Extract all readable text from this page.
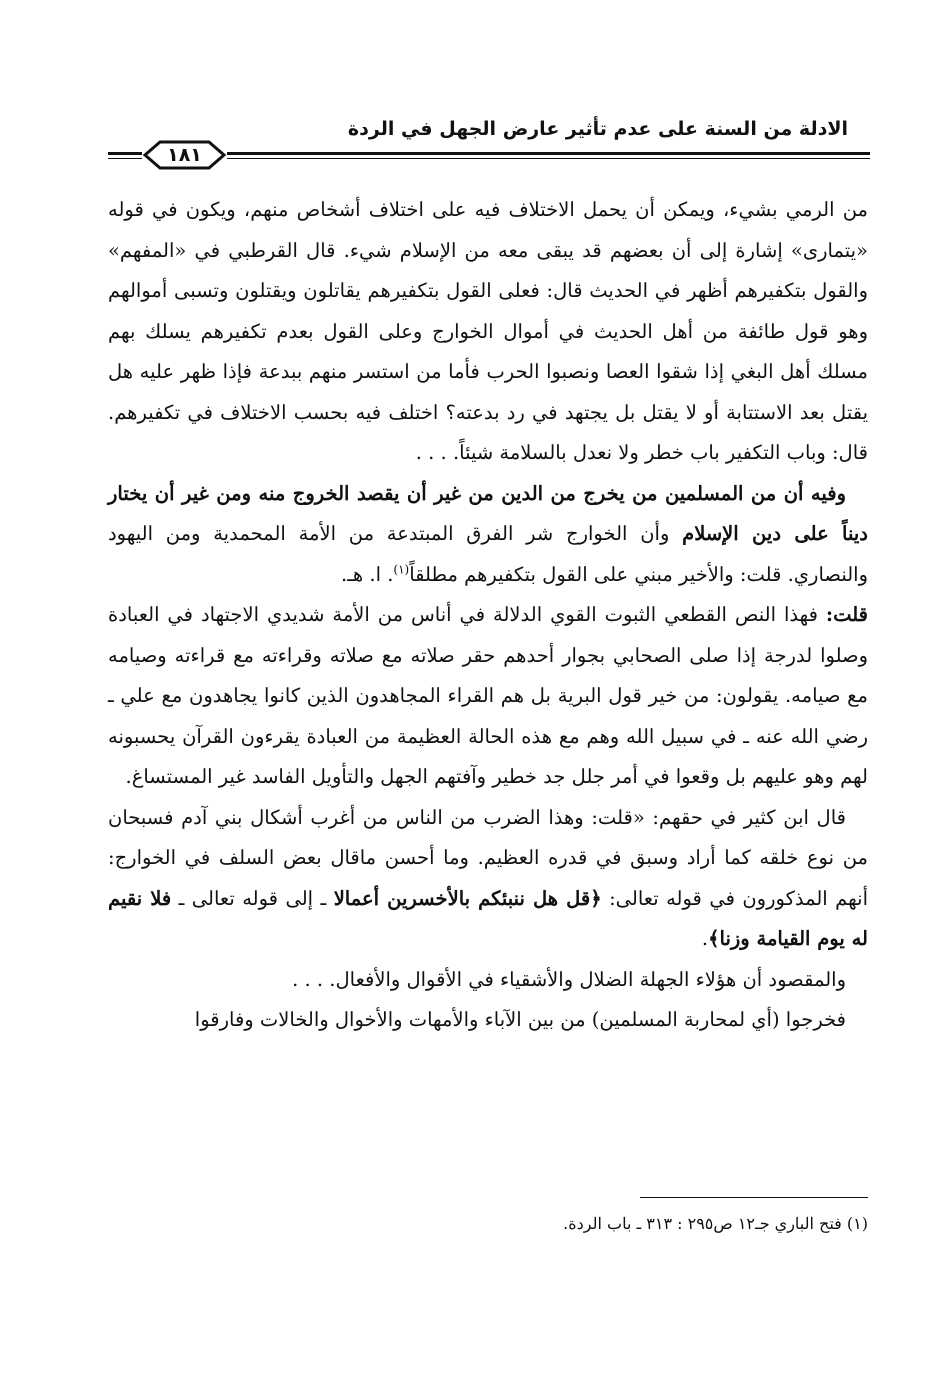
الادلة من السنة على عدم تأثير عارض الجهل في الردة
١٨١

من الرمي بشيء، ويمكن أن يحمل الاختلاف فيه على اختلاف أشخاص منهم، ويكون في قوله «يتمارى» إشارة إلى أن بعضهم قد يبقى معه من الإسلام شيء. قال القرطبي في «المفهم» والقول بتكفيرهم أظهر في الحديث قال: فعلى القول بتكفيرهم يقاتلون ويقتلون وتسبى أموالهم وهو قول طائفة من أهل الحديث في أموال الخوارج وعلى القول بعدم تكفيرهم يسلك بهم مسلك أهل البغي إذا شقوا العصا ونصبوا الحرب فأما من استسر منهم ببدعة فإذا ظهر عليه هل يقتل بعد الاستتابة أو لا يقتل بل يجتهد في رد بدعته؟ اختلف فيه بحسب الاختلاف في تكفيرهم. قال: وباب التكفير باب خطر ولا نعدل بالسلامة شيئاً. . . .

وفيه أن من المسلمين من يخرج من الدين من غير أن يقصد الخروج منه ومن غير أن يختار ديناً على دين الإسلام وأن الخوارج شر الفرق المبتدعة من الأمة المحمدية ومن اليهود والنصاري. قلت: والأخير مبني على القول بتكفيرهم مطلقاً$^{(١)}$. ا. هـ.

قلت: فهذا النص القطعي الثبوت القوي الدلالة في أناس من الأمة شديدي الاجتهاد في العبادة وصلوا لدرجة إذا صلى الصحابي بجوار أحدهم حقر صلاته مع صلاته وقراءته مع قراءته وصيامه مع صيامه. يقولون: من خير قول البرية بل هم القراء المجاهدون الذين كانوا يجاهدون مع علي ـ رضي الله عنه ـ في سبيل الله وهم مع هذه الحالة العظيمة من العبادة يقرءون القرآن يحسبونه لهم وهو عليهم بل وقعوا في أمر جلل جد خطير وآفتهم الجهل والتأويل الفاسد غير المستساغ.

قال ابن كثير في حقهم: «قلت: وهذا الضرب من الناس من أغرب أشكال بني آدم فسبحان من نوع خلقه كما أراد وسبق في قدره العظيم. وما أحسن ماقال بعض السلف في الخوارج: أنهم المذكورون في قوله تعالى: ﴿قل هل ننبئكم بالأخسرين أعمالا ـ إلى قوله تعالى ـ فلا نقيم له يوم القيامة وزنا﴾.

والمقصود أن هؤلاء الجهلة الضلال والأشقياء في الأقوال والأفعال. . . .

فخرجوا (أي لمحاربة المسلمين) من بين الآباء والأمهات والأخوال والخالات وفارقوا

(١) فتح الباري جـ١٢ ص٢٩٥ : ٣١٣ ـ باب الردة.
